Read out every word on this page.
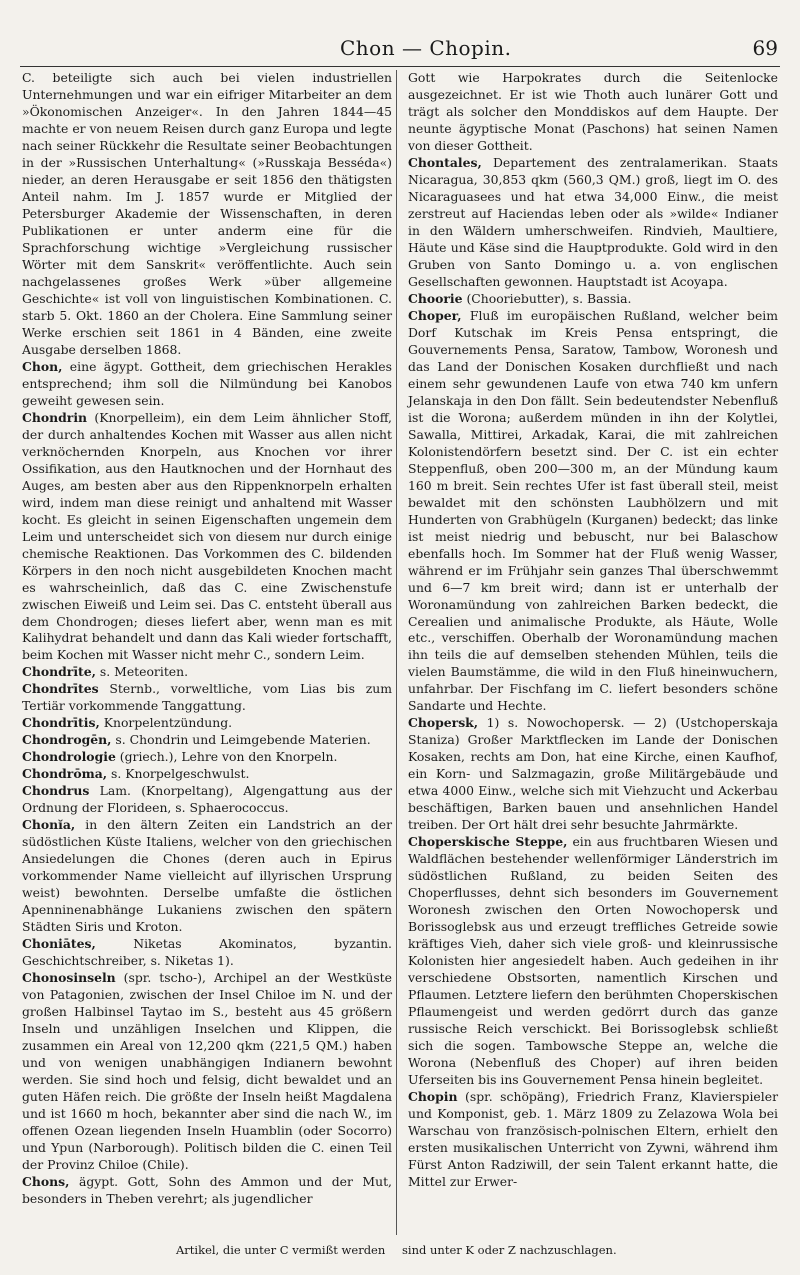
Chon — Chopin.	69

C. beteiligte sich auch bei vielen industriellen Unternehmungen und war ein eifriger Mitarbeiter an dem »Ökonomischen Anzeiger«. In den Jahren 1844—45 machte er von neuem Reisen durch ganz Europa und legte nach seiner Rückkehr die Resultate seiner Beobachtungen in der »Russischen Unterhaltung« (»Russkaja Besséda«) nieder, an deren Herausgabe er seit 1856 den thätigsten Anteil nahm. Im J. 1857 wurde er Mitglied der Petersburger Akademie der Wissenschaften, in deren Publikationen er unter anderm eine für die Sprachforschung wichtige »Vergleichung russischer Wörter mit dem Sanskrit« veröffentlichte. Auch sein nachgelassenes großes Werk »über allgemeine Geschichte« ist voll von linguistischen Kombinationen. C. starb 5. Okt. 1860 an der Cholera. Eine Sammlung seiner Werke erschien seit 1861 in 4 Bänden, eine zweite Ausgabe derselben 1868.

Chon, eine ägypt. Gottheit, dem griechischen Herakles entsprechend; ihm soll die Nilmündung bei Kanobos geweiht gewesen sein.

Chondrin (Knorpelleim), ein dem Leim ähnlicher Stoff, der durch anhaltendes Kochen mit Wasser aus allen nicht verknöchernden Knorpeln, aus Knochen vor ihrer Ossifikation, aus den Hautknochen und der Hornhaut des Auges, am besten aber aus den Rippenknorpeln erhalten wird, indem man diese reinigt und anhaltend mit Wasser kocht. Es gleicht in seinen Eigenschaften ungemein dem Leim und unterscheidet sich von diesem nur durch einige chemische Reaktionen. Das Vorkommen des C. bildenden Körpers in den noch nicht ausgebildeten Knochen macht es wahrscheinlich, daß das C. eine Zwischenstufe zwischen Eiweiß und Leim sei. Das C. entsteht überall aus dem Chondrogen; dieses liefert aber, wenn man es mit Kalihydrat behandelt und dann das Kali wieder fortschafft, beim Kochen mit Wasser nicht mehr C., sondern Leim.

Chondrīte, s. Meteoriten.

Chondrītes Sternb., vorweltliche, vom Lias bis zum Tertiär vorkommende Tanggattung.

Chondrītis, Knorpelentzündung.

Chondrogēn, s. Chondrin und Leimgebende Materien.

Chondrologie (griech.), Lehre von den Knorpeln.

Chondrōma, s. Knorpelgeschwulst.

Chondrus Lam. (Knorpeltang), Algengattung aus der Ordnung der Florideen, s. Sphaerococcus.

Chonĭa, in den ältern Zeiten ein Landstrich an der südöstlichen Küste Italiens, welcher von den griechischen Ansiedelungen die Chones (deren auch in Epirus vorkommender Name vielleicht auf illyrischen Ursprung weist) bewohnten. Derselbe umfaßte die östlichen Apenninenabhänge Lukaniens zwischen den spätern Städten Siris und Kroton.

Choniātes, Niketas Akominatos, byzantin. Geschichtschreiber, s. Niketas 1).

Chonosinseln (spr. tscho-), Archipel an der Westküste von Patagonien, zwischen der Insel Chiloe im N. und der großen Halbinsel Taytao im S., besteht aus 45 größern Inseln und unzähligen Inselchen und Klippen, die zusammen ein Areal von 12,200 qkm (221,5 QM.) haben und von wenigen unabhängigen Indianern bewohnt werden. Sie sind hoch und felsig, dicht bewaldet und an guten Häfen reich. Die größte der Inseln heißt Magdalena und ist 1660 m hoch, bekannter aber sind die nach W., im offenen Ozean liegenden Inseln Huamblin (oder Socorro) und Ypun (Narborough). Politisch bilden die C. einen Teil der Provinz Chiloe (Chile).

Chons, ägypt. Gott, Sohn des Ammon und der Mut, besonders in Theben verehrt; als jugendlicher

Gott wie Harpokrates durch die Seitenlocke ausgezeichnet. Er ist wie Thoth auch lunärer Gott und trägt als solcher den Monddiskos auf dem Haupte. Der neunte ägyptische Monat (Paschons) hat seinen Namen von dieser Gottheit.

Chontales, Departement des zentralamerikan. Staats Nicaragua, 30,853 qkm (560,3 QM.) groß, liegt im O. des Nicaraguasees und hat etwa 34,000 Einw., die meist zerstreut auf Haciendas leben oder als »wilde« Indianer in den Wäldern umherschweifen. Rindvieh, Maultiere, Häute und Käse sind die Hauptprodukte. Gold wird in den Gruben von Santo Domingo u. a. von englischen Gesellschaften gewonnen. Hauptstadt ist Acoyapa.

Choorie (Chooriebutter), s. Bassia.

Choper, Fluß im europäischen Rußland, welcher beim Dorf Kutschak im Kreis Pensa entspringt, die Gouvernements Pensa, Saratow, Tambow, Woronesh und das Land der Donischen Kosaken durchfließt und nach einem sehr gewundenen Laufe von etwa 740 km unfern Jelanskaja in den Don fällt. Sein bedeutendster Nebenfluß ist die Worona; außerdem münden in ihn der Kolytlei, Sawalla, Mittirei, Arkadak, Karai, die mit zahlreichen Kolonistendörfern besetzt sind. Der C. ist ein echter Steppenfluß, oben 200—300 m, an der Mündung kaum 160 m breit. Sein rechtes Ufer ist fast überall steil, meist bewaldet mit den schönsten Laubhölzern und mit Hunderten von Grabhügeln (Kurganen) bedeckt; das linke ist meist niedrig und bebuscht, nur bei Balaschow ebenfalls hoch. Im Sommer hat der Fluß wenig Wasser, während er im Frühjahr sein ganzes Thal überschwemmt und 6—7 km breit wird; dann ist er unterhalb der Woronamündung von zahlreichen Barken bedeckt, die Cerealien und animalische Produkte, als Häute, Wolle etc., verschiffen. Oberhalb der Woronamündung machen ihn teils die auf demselben stehenden Mühlen, teils die vielen Baumstämme, die wild in den Fluß hineinwuchern, unfahrbar. Der Fischfang im C. liefert besonders schöne Sandarte und Hechte.

Chopersk, 1) s. Nowochopersk. — 2) (Ustchoperskaja Staniza) Großer Marktflecken im Lande der Donischen Kosaken, rechts am Don, hat eine Kirche, einen Kaufhof, ein Korn- und Salzmagazin, große Militärgebäude und etwa 4000 Einw., welche sich mit Viehzucht und Ackerbau beschäftigen, Barken bauen und ansehnlichen Handel treiben. Der Ort hält drei sehr besuchte Jahrmärkte.

Choperskische Steppe, ein aus fruchtbaren Wiesen und Waldflächen bestehender wellenförmiger Länderstrich im südöstlichen Rußland, zu beiden Seiten des Choperflusses, dehnt sich besonders im Gouvernement Woronesh zwischen den Orten Nowochopersk und Borissoglebsk aus und erzeugt treffliches Getreide sowie kräftiges Vieh, daher sich viele groß- und kleinrussische Kolonisten hier angesiedelt haben. Auch gedeihen in ihr verschiedene Obstsorten, namentlich Kirschen und Pflaumen. Letztere liefern den berühmten Choperskischen Pflaumengeist und werden gedörrt durch das ganze russische Reich verschickt. Bei Borissoglebsk schließt sich die sogen. Tambowsche Steppe an, welche die Worona (Nebenfluß des Choper) auf ihren beiden Uferseiten bis ins Gouvernement Pensa hinein begleitet.

Chopin (spr. schöpäng), Friedrich Franz, Klavierspieler und Komponist, geb. 1. März 1809 zu Zelazowa Wola bei Warschau von französisch-polnischen Eltern, erhielt den ersten musikalischen Unterricht von Zywni, während ihm Fürst Anton Radziwill, der sein Talent erkannt hatte, die Mittel zur Erwer-

Artikel, die unter C vermißt werden sind unter K oder Z nachzuschlagen.
